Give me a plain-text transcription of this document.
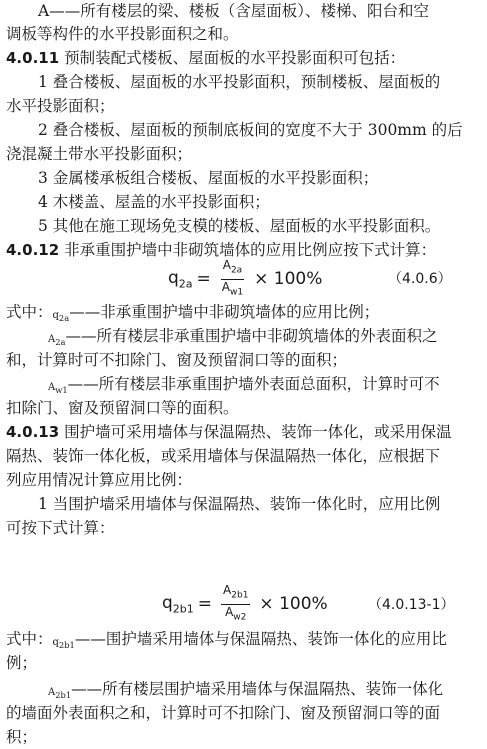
A——所有楼层的梁、楼板（含屋面板）、楼梯、阳台和空
调板等构件的水平投影面积之和。
4.0.11 预制装配式楼板、屋面板的水平投影面积可包括：
1 叠合楼板、屋面板的水平投影面积，预制楼板、屋面板的
水平投影面积；
2 叠合楼板、屋面板的预制底板间的宽度不大于 300mm 的后
浇混凝土带水平投影面积；
3 金属楼承板组合楼板、屋面板的水平投影面积；
4 木楼盖、屋盖的水平投影面积；
5 其他在施工现场免支模的楼板、屋面板的水平投影面积。
4.0.12 非承重围护墙中非砌筑墙体的应用比例应按下式计算：
$q_{2a} = \frac{A_{2a}}{A_{w1}} \times 100\%$	（4.0.6）
式中：$q_{2a}——$非承重围护墙中非砌筑墙体的应用比例；
$A_{2a}——$所有楼层非承重围护墙中非砌筑墙体的外表面积之
和，计算时可不扣除门、窗及预留洞口等的面积；
$A_{w1}——$所有楼层非承重围护墙外表面总面积，计算时可不
扣除门、窗及预留洞口等的面积。
4.0.13 围护墙可采用墙体与保温隔热、装饰一体化，或采用保温
隔热、装饰一体化板，或采用墙体与保温隔热一体化，应根据下
列应用情况计算应用比例：
1 当围护墙采用墙体与保温隔热、装饰一体化时，应用比例
可按下式计算：
$q_{2b1} = \frac{A_{2b1}}{A_{w2}} \times 100\%$	（4.0.13-1）
式中：$q_{2b1}——$围护墙采用墙体与保温隔热、装饰一体化的应用比
例；
$A_{2b1}——$所有楼层围护墙采用墙体与保温隔热、装饰一体化
的墙面外表面积之和，计算时可不扣除门、窗及预留洞口等的面
积；
